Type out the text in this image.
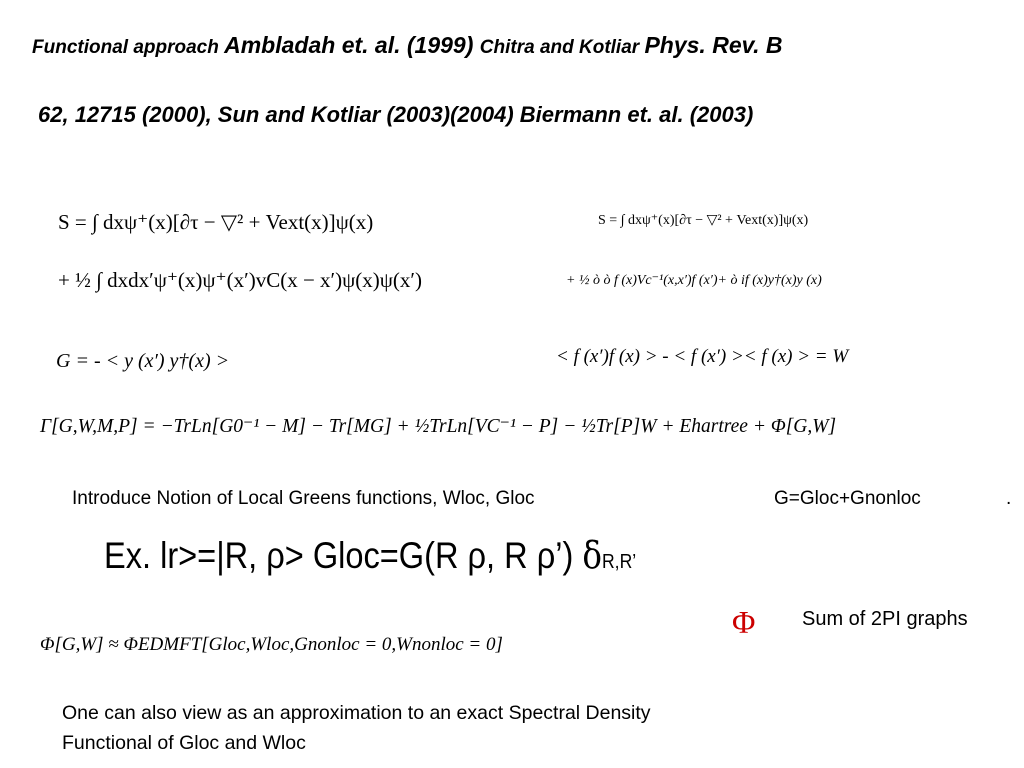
Functional approach Ambladah et. al. (1999) Chitra and Kotliar Phys. Rev. B
62, 12715 (2000), Sun and Kotliar (2003)(2004) Biermann et. al. (2003)
S = ∫ dxψ⁺(x)[∂τ − ▽² + Vext(x)]ψ(x)
+ ½ ∫ dxdx′ψ⁺(x)ψ⁺(x′)vC(x − x′)ψ(x)ψ(x′)
S = ∫ dxψ⁺(x)[∂τ − ▽² + Vext(x)]ψ(x)
+ ½ ò ò f (x)Vc⁻¹(x,x′)f (x′)+ ò if (x)y†(x)y (x)
G = - < y (x′) y†(x) >	< f (x′)f (x) > - < f (x′) >< f (x) > = W
Γ[G,W,M,P] = −TrLn[G0⁻¹ − M] − Tr[MG] + ½TrLn[VC⁻¹ − P] − ½Tr[P]W + Ehartree + Φ[G,W]
Introduce Notion of Local Greens functions, Wloc, Gloc	G=Gloc+Gnonloc	.
Ex. lr>=|R, ρ> Gloc=G(R ρ, R ρ’) δR,R’
Φ Sum of 2PI graphs
Φ[G,W] ≈ ΦEDMFT[Gloc,Wloc,Gnonloc = 0,Wnonloc = 0]
One can also view as an approximation to an exact Spectral Density
Functional of Gloc and Wloc
